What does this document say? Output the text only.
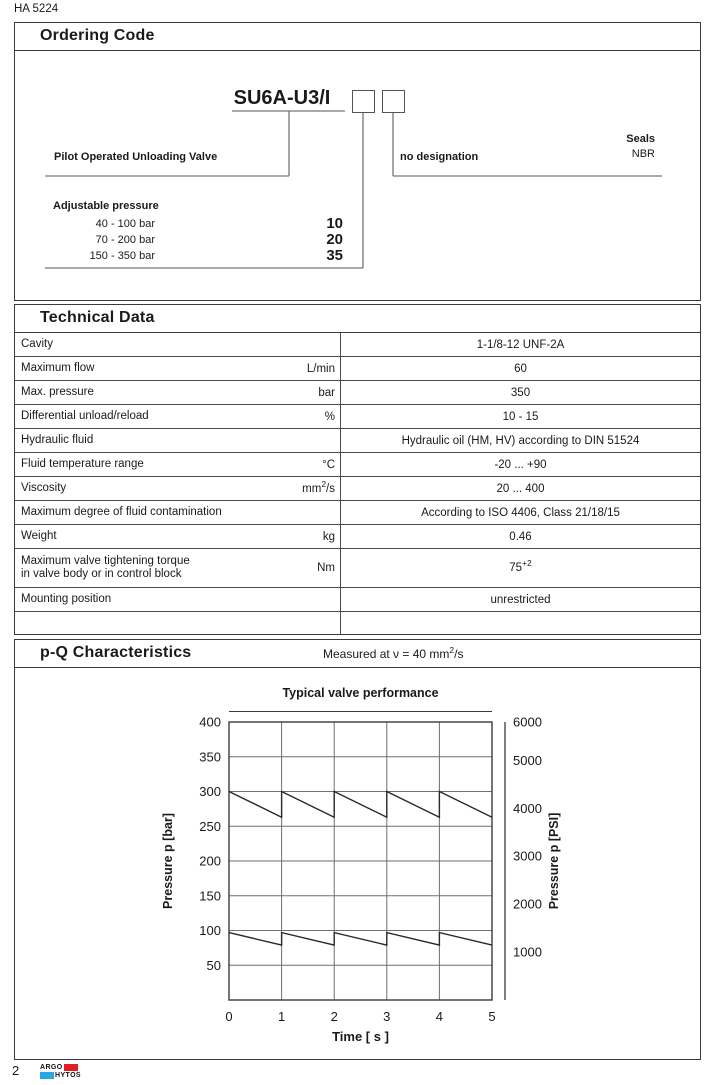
HA 5224
Ordering Code
SU6A-U3/I
Pilot Operated Unloading Valve	no designation
Seals
NBR
Adjustable pressure
40 - 100 bar	10
70 - 200 bar	20
150 - 350 bar	35
Technical Data
Cavity	1-1/8-12 UNF-2A
Maximum flow	L/min	60
Max. pressure	bar	350
Differential unload/reload	%	10 - 15
Hydraulic fluid	Hydraulic oil (HM, HV) according to DIN 51524
Fluid temperature range	°C	-20 ... +90
Viscosity	$mm^2/s$	20 ... 400
Maximum degree of fluid contamination	According to ISO 4406, Class 21/18/15
Weight	kg	0.46
Maximum valve tightening torque
in valve body or in control block	Nm	$75^{+2}$
Mounting position	unrestricted
p-Q Characteristics	Measured at ν = 40 $mm^2/s$
Typical valve performance
50
100
150
200
250
300
350
400
0	1	2	3	4	5
1000
2000
3000
4000
5000
6000
Pressure p [bar]	Pressure p [PSI]
Time [ s ]
2	ARGO
HYTOS
